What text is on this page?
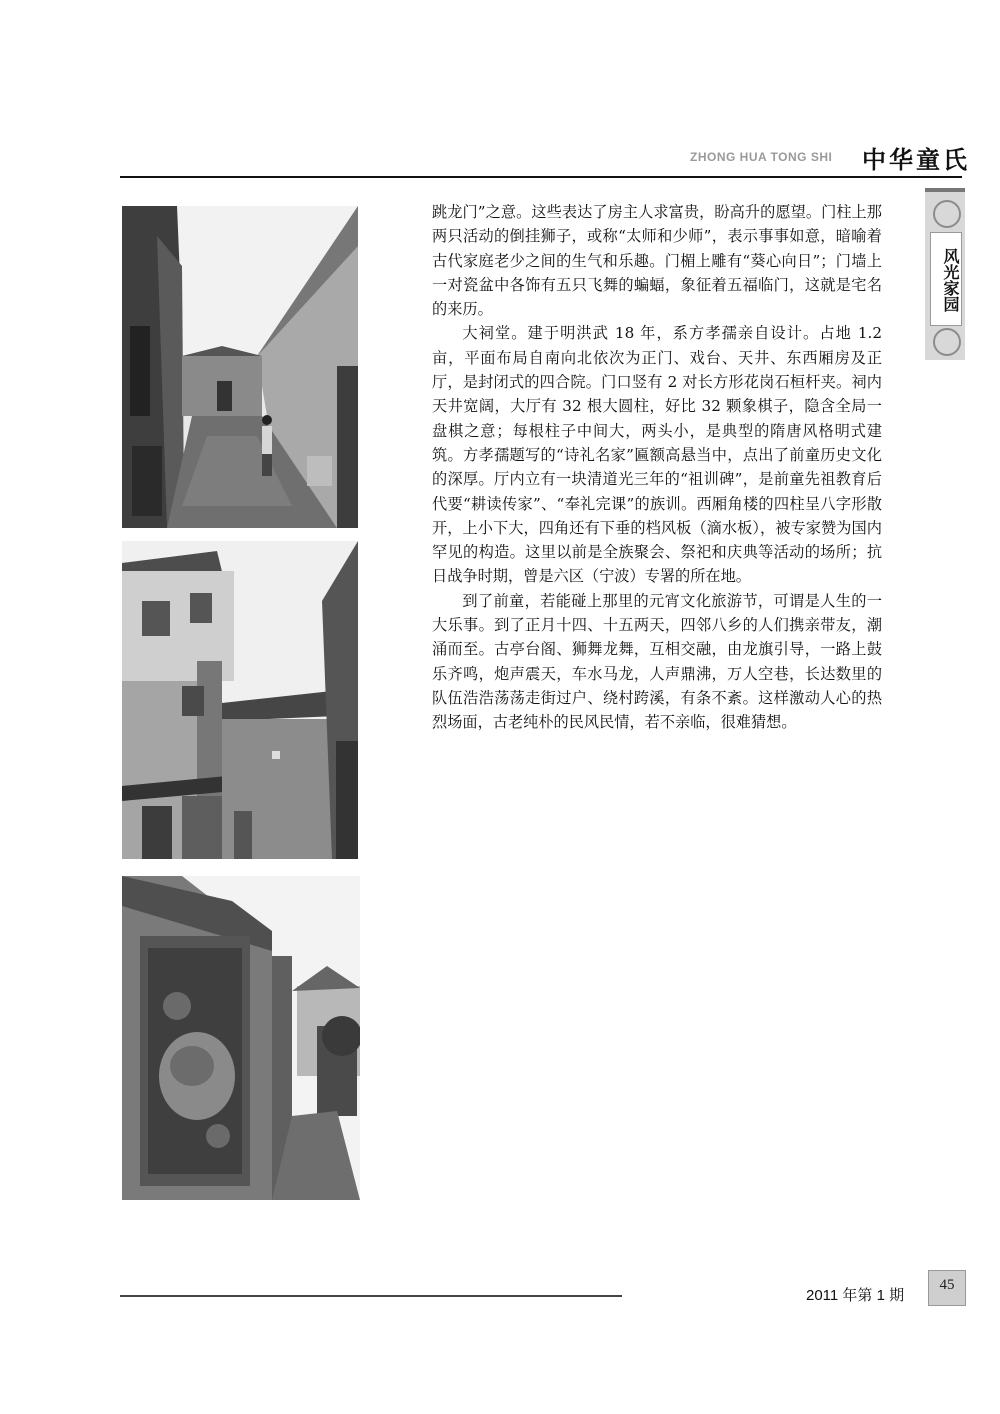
ZHONG HUA TONG SHI 中华童氏
风光家园

跳龙门”之意。这些表达了房主人求富贵，盼高升的愿望。门柱上那两只活动的倒挂狮子，或称“太师和少师”，表示事事如意，暗喻着古代家庭老少之间的生气和乐趣。门楣上雕有“葵心向日”；门墙上一对瓷盆中各饰有五只飞舞的蝙蝠，象征着五福临门，这就是宅名的来历。

大祠堂。建于明洪武 18 年，系方孝孺亲自设计。占地 1.2 亩，平面布局自南向北依次为正门、戏台、天井、东西厢房及正厅，是封闭式的四合院。门口竖有 2 对长方形花岗石桓杆夹。祠内天井宽阔，大厅有 32 根大圆柱，好比 32 颗象棋子，隐含全局一盘棋之意；每根柱子中间大，两头小，是典型的隋唐风格明式建筑。方孝孺题写的“诗礼名家”匾额高悬当中，点出了前童历史文化的深厚。厅内立有一块清道光三年的“祖训碑”，是前童先祖教育后代要“耕读传家”、“奉礼完课”的族训。西厢角楼的四柱呈八字形散开，上小下大，四角还有下垂的档风板（滴水板），被专家赞为国内罕见的构造。这里以前是全族聚会、祭祀和庆典等活动的场所；抗日战争时期，曾是六区（宁波）专署的所在地。

到了前童，若能碰上那里的元宵文化旅游节，可谓是人生的一大乐事。到了正月十四、十五两天，四邻八乡的人们携亲带友，潮涌而至。古亭台阁、狮舞龙舞，互相交融，由龙旗引导，一路上鼓乐齐鸣，炮声震天，车水马龙，人声鼎沸，万人空巷，长达数里的队伍浩浩荡荡走街过户、绕村跨溪，有条不紊。这样激动人心的热烈场面，古老纯朴的民风民情，若不亲临，很难猜想。

2011 年第 1 期
45
